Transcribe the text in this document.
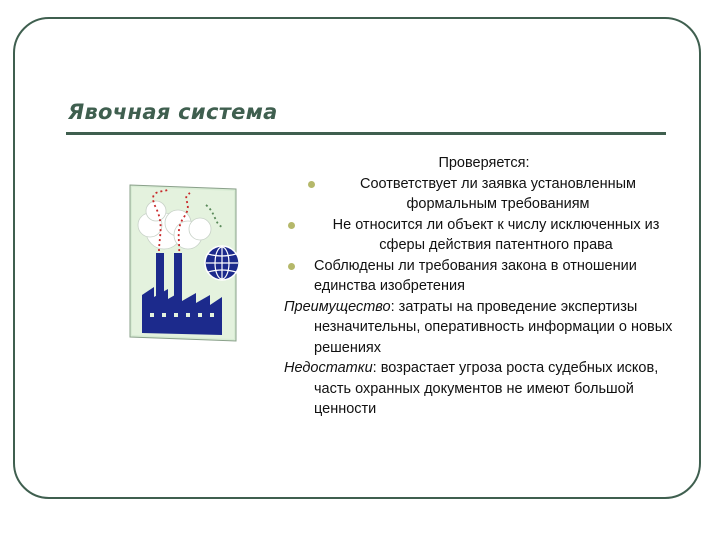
Явочная система

Проверяется:

Соответствует ли заявка установленным формальным требованиям
Не относится ли объект к числу исключенных из сферы действия патентного права
Соблюдены ли требования закона в отношении единства изобретения

Преимущество: затраты на проведение экспертизы незначительны, оперативность информации о новых решениях

Недостатки: возрастает угроза роста судебных исков, часть охранных документов не имеют большой ценности
